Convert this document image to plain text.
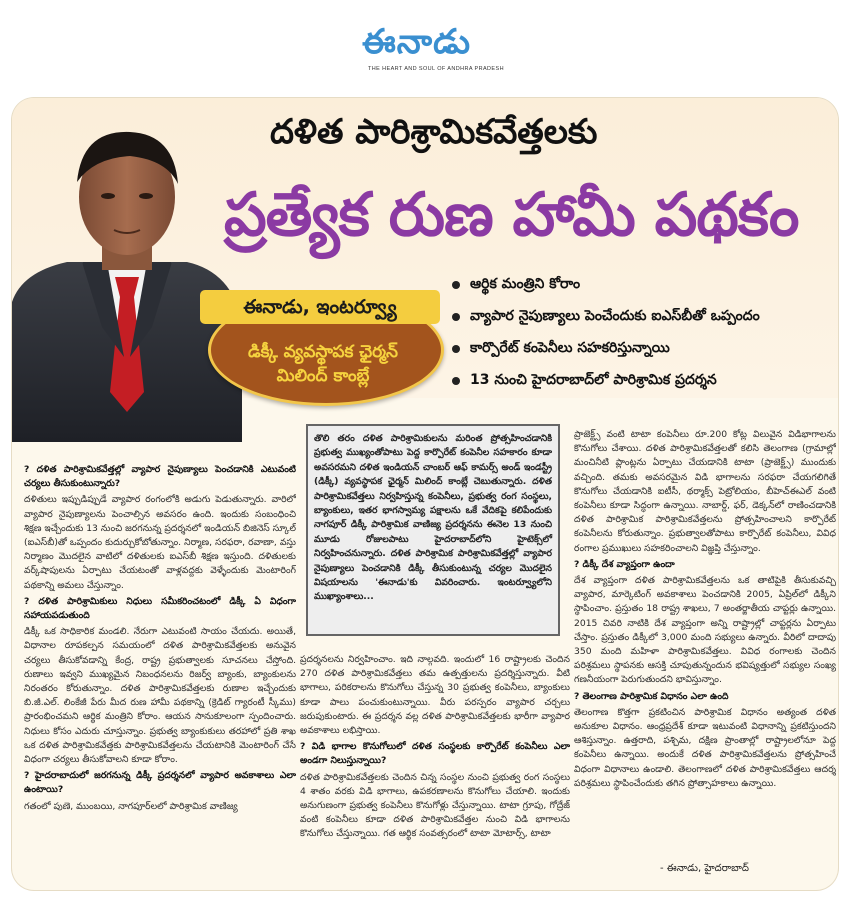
ఈనాడు
THE HEART AND SOUL OF ANDHRA PRADESH
దళిత పారిశ్రామికవేత్తలకు
ప్రత్యేక రుణ హామీ పథకం
ఈనాడు, ఇంటర్వ్యూ
డిక్కీ వ్యవస్థాపక ఛైర్మన్
మిలింద్ కాంబ్లే
ఆర్థిక మంత్రిని కోరాం
వ్యాపార నైపుణ్యాలు పెంచేందుకు ఐఎస్‌బీతో ఒప్పందం
కార్పొరేట్ కంపెనీలు సహకరిస్తున్నాయి
13 నుంచి హైదరాబాద్‌లో పారిశ్రామిక ప్రదర్శన

? దళిత పారిశ్రామికవేత్తల్లో వ్యాపార నైపుణ్యాలు పెంచడానికి ఎటువంటి చర్యలు తీసుకుంటున్నారు?

దళితులు ఇప్పుడిప్పుడే వ్యాపార రంగంలోకి అడుగు పెడుతున్నారు. వారిలో వ్యాపార నైపుణ్యాలను పెంచాల్సిన అవసరం ఉంది. ఇందుకు సంబంధించి శిక్షణ ఇచ్చేందుకు 13 నుంచి జరగనున్న ప్రదర్శనలో ఇండియన్ బిజినెస్ స్కూల్ (ఐఎస్‌బీ)తో ఒప్పందం కుదుర్చుకోబోతున్నాం. నిర్మాణ, సరఫరా, రవాణా, వస్తు నిర్మాణం మొదలైన వాటిలో దళితులకు ఐఎస్‌బీ శిక్షణ ఇస్తుంది. దళితులకు వర్క్‌షాపులను ఏర్పాటు చేయటంతో వాళ్లవద్దకు వెళ్ళేందుకు మెంటారింగ్ పథకాన్ని అమలు చేస్తున్నాం.

? దళిత పారిశ్రామికులు నిధులు సమీకరించటంలో డిక్కీ ఏ విధంగా సహాయపడుతుంది

డిక్కీ ఒక సాధికారిక మండలి. నేరుగా ఎటువంటి సాయం చేయదు. అయితే, విధానాల రూపకల్పన సమయంలో దళిత పారిశ్రామికవేత్తలకు అనువైన చర్యలు తీసుకోవడాన్ని కేంద్ర, రాష్ట్ర ప్రభుత్వాలకు సూచనలు చేస్తోంది. రుణాలు ఇవ్వని ముఖ్యమైన నిబంధనలను రిజర్వ్ బ్యాంకు, బ్యాంకులను నిరంతరం కోరుతున్నాం. దళిత పారిశ్రామికవేత్తలకు రుణాల ఇచ్చేందుకు బి.జీ.ఎల్. లింకేజీ పేరు మీద రుణ హామీ పథకాన్ని (క్రెడిట్ గ్యారంటీ స్కీము) ప్రారంభించమని ఆర్థిక మంత్రిని కోరాం. ఆయన సానుకూలంగా స్పందించారు. నిధులు కోసం ఎదురు చూస్తున్నాం. ప్రభుత్వ బ్యాంకుకులు తరహాలో ప్రతి శాఖ ఒక దళిత పారిశ్రామికవేత్తకు పారిశ్రామికవేత్తలను చేయటానికి మెంటారింగ్ చేసే విధంగా చర్యలు తీసుకోవాలని కూడా కోరాం.

? హైదరాబాదులో జరగనున్న డిక్కీ ప్రదర్శనలో వ్యాపార అవకాశాలు ఎలా ఉంటాయి?

గతంలో పుణె, ముంబయి, నాగపూర్‌లలో పారిశ్రామిక వాణిజ్య

తొలి తరం దళిత పారిశ్రామికులను మరింత ప్రోత్సహించడానికి ప్రభుత్వ ముఖ్యంతోపాటు పెద్ద కార్పొరేట్ కంపెనీల సహకారం కూడా అవసరమని దళిత ఇండియన్ చాంబర్ ఆఫ్ కామర్స్ అండ్ ఇండస్ట్రీ (డిక్కీ) వ్యవస్థాపక ఛైర్మన్ మిలింద్ కాంబ్లే చెబుతున్నారు. దళిత పారిశ్రామికవేత్తలు నిర్వహిస్తున్న కంపెనీలు, ప్రభుత్వ రంగ సంస్థలు, బ్యాంకులు, ఇతర భాగస్వామ్య పక్షాలను ఒకే వేదికపై కలిపేందుకు నాగపూర్ డిక్కీ పారిశ్రామిక వాణిజ్య ప్రదర్శనను ఈనెల 13 నుంచి మూడు రోజులపాటు హైదరాబాద్‌లోని హైటెక్స్‌లో నిర్వహించనున్నారు. దళిత పారిశ్రామిక పారిశ్రామికవేత్తల్లో వ్యాపార నైపుణ్యాలు పెంచడానికి డిక్కీ తీసుకుంటున్న చర్యల మొదలైన విషయాలను 'ఈనాడు'కు వివరించారు. ఇంటర్వ్యూలోని ముఖ్యాంశాలు...

ప్రదర్శనలను నిర్వహించాం. ఇది నాల్గవది. ఇందులో 16 రాష్ట్రాలకు చెందిన 270 దళిత పారిశ్రామికవేత్తలు తమ ఉత్పత్తులను ప్రదర్శిస్తున్నారు. వీటి భాగాలు, పరికరాలను కొనుగోలు చేస్తున్న 30 ప్రభుత్వ కంపెనీలు, బ్యాంకులు కూడా పాలు పంచుకుంటున్నాయి. వీరు పరస్పరం వ్యాపార చర్చలు జరుపుకుంటారు. ఈ ప్రదర్శన వల్ల దళిత పారిశ్రామికవేత్తలకు భారీగా వ్యాపార అవకాశాలు లభిస్తాయి.

? విడి భాగాల కొనుగోలులో దళిత సంస్థలకు కార్పొరేట్ కంపెనీలు ఎలా అండగా నిలుస్తున్నాయి?

దళిత పారిశ్రామికవేత్తలకు చెందిన చిన్న సంస్థల నుంచి ప్రభుత్వ రంగ సంస్థలు 4 శాతం వరకు విడి భాగాలు, ఉపకరణాలను కొనుగోలు చేయాలి. ఇందుకు అనుగుణంగా ప్రభుత్వ కంపెనీలు కొనుగోళ్లు చేస్తున్నాయి. టాటా గ్రూపు, గోద్రేజ్ వంటి కంపెనీలు కూడా దళిత పారిశ్రామికవేత్తల నుంచి విడి భాగాలను కొనుగోలు చేస్తున్నాయి. గత ఆర్థిక సంవత్సరంలో టాటా మోటార్స్, టాటా

ప్రాజెక్ట్స్ వంటి టాటా కంపెనీలు రూ.200 కోట్ల విలువైన విడిభాగాలను కొనుగోలు చేశాయి. దళిత పారిశ్రామికవేత్తలతో కలిసి తెలంగాణ (గ్రామాల్లో మంచినీటి ప్లాంట్లను ఏర్పాటు చేయడానికి టాటా (ప్రాజెక్ట్స్) ముందుకు వచ్చింది. తమకు అవసరమైన విడి భాగాలను సరఫరా చేయగలిగితే కొనుగోలు చేయడానికి ఐటీసీ, థర్మాక్స్ పెట్రోలియం, బీహెచ్ఈఎల్ వంటి కంపెనీలు కూడా సిద్ధంగా ఉన్నాయి. నాబార్డ్, ఫర్, డెక్కన్‌లో రాణించడానికి దళిత పారిశ్రామిక పారిశ్రామికవేత్తలను ప్రోత్సహించాలని కార్పొరేట్ కంపెనీలను కోరుతున్నాం. ప్రభుత్వాలతోపాటు కార్పొరేట్ కంపెనీలు, వివిధ రంగాల ప్రముఖులు సహకరించాలని విజ్ఞప్తి చేస్తున్నాం.

? డిక్కీ దేశ వ్యాప్తంగా ఉందా

దేశ వ్యాప్తంగా దళిత పారిశ్రామికవేత్తలను ఒక తాటిపైకి తీసుకువచ్చి వ్యాపార, మార్కెటింగ్ అవకాశాలు పెంచడానికి 2005, ఏప్రిల్‌లో డిక్కీని స్థాపించాం. ప్రస్తుతం 18 రాష్ట్ర శాఖలు, 7 అంతర్జాతీయ చాప్టర్లు ఉన్నాయి. 2015 చివరి నాటికి దేశ వ్యాప్తంగా అన్ని రాష్ట్రాల్లో చాప్టర్లను ఏర్పాటు చేస్తాం. ప్రస్తుతం డిక్కీలో 3,000 మంది సభ్యులు ఉన్నారు. వీరిలో దాదాపు 350 మంది మహిళా పారిశ్రామికవేత్తలు. వివిధ రంగాలకు చెందిన పరిశ్రమలు స్థాపనకు ఆసక్తి చూపుతున్నందున భవిష్యత్తులో సభ్యుల సంఖ్య గణనీయంగా పెరుగుతుందని భావిస్తున్నాం.

? తెలంగాణ పారిశ్రామిక విధానం ఎలా ఉంది

తెలంగాణ కొత్తగా ప్రకటించిన పారిశ్రామిక విధానం అత్యంత దళిత అనుకూల విధానం. ఆంధ్రప్రదేశ్ కూడా ఇటువంటి విధానాన్ని ప్రకటిస్తుందని ఆశిస్తున్నాం. ఉత్తరాది, పశ్చిమ, దక్షిణ ప్రాంతాల్లో రాష్ట్రాలలోనూ పెద్ద కంపెనీలు ఉన్నాయి. అందుకే దళిత పారిశ్రామికవేత్తలను ప్రోత్సహించే విధంగా విధానాలు ఉండాలి. తెలంగాణలో దళిత పారిశ్రామికవేత్తలు ఆదర్శ పరిశ్రమలు స్థాపించేందుకు తగిన ప్రోత్సాహకాలు ఉన్నాయి.

- ఈనాడు, హైదరాబాద్
